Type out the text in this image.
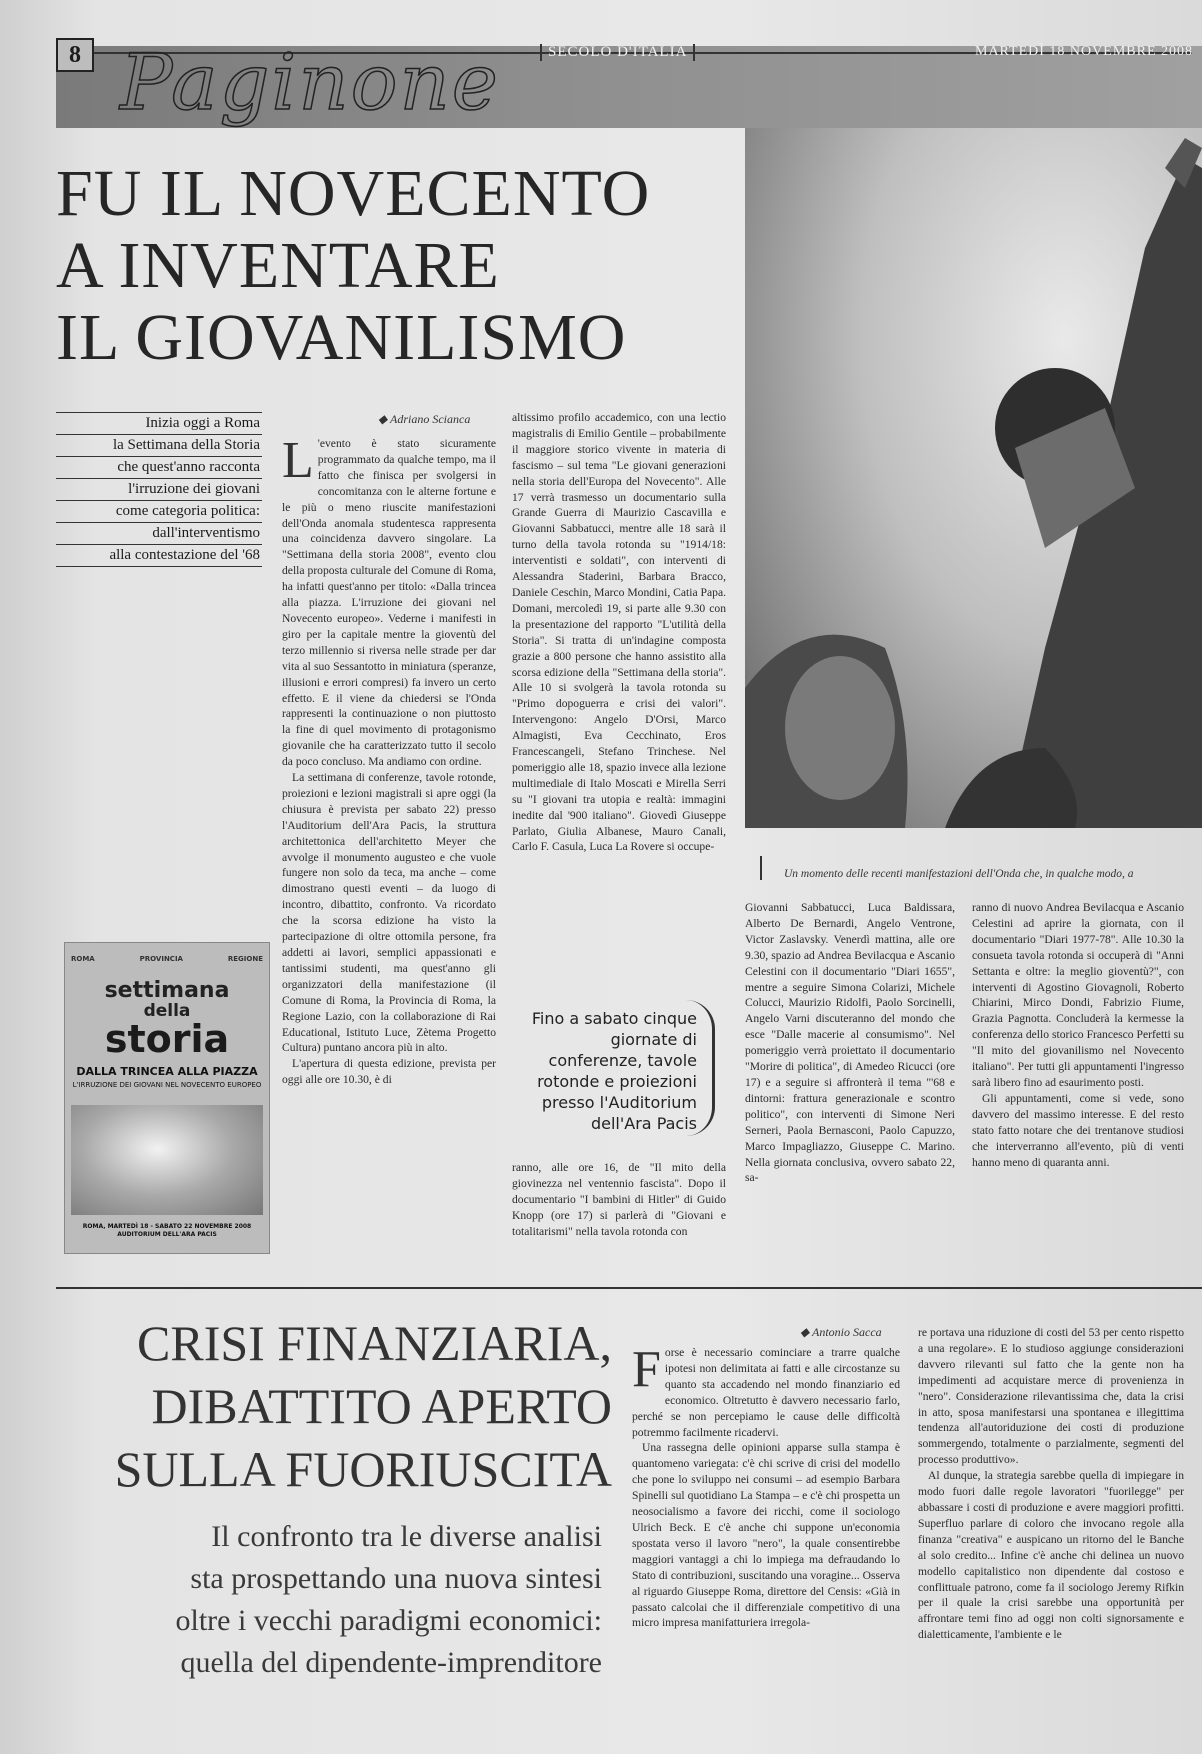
8 Paginone	SECOLO D'ITALIA	MARTEDÌ 18 NOVEMBRE 2008
FU IL NOVECENTO
A INVENTARE
IL GIOVANILISMO
Un momento delle recenti manifestazioni dell'Onda che, in qualche modo, a
Inizia oggi a Roma
la Settimana della Storia
che quest'anno racconta
l'irruzione dei giovani
come categoria politica:
dall'interventismo
alla contestazione del '68
◆ Adriano Scianca
L 'evento è stato sicuramente programmato da qualche tempo, ma il fatto che finisca per svolgersi in concomitanza con le alterne fortune e le più o meno riuscite manifestazioni dell'Onda anomala studentesca rappresenta una coincidenza davvero singolare. La "Settimana della storia 2008", evento clou della proposta culturale del Comune di Roma, ha infatti quest'anno per titolo: «Dalla trincea alla piazza. L'irruzione dei giovani nel Novecento europeo». Vederne i manifesti in giro per la capitale mentre la gioventù del terzo millennio si riversa nelle strade per dar vita al suo Sessantotto in miniatura (speranze, illusioni e errori compresi) fa invero un certo effetto. E il viene da chiedersi se l'Onda rappresenti la continuazione o non piuttosto la fine di quel movimento di protagonismo giovanile che ha caratterizzato tutto il secolo da poco concluso. Ma andiamo con ordine.

La settimana di conferenze, tavole rotonde, proiezioni e lezioni magistrali si apre oggi (la chiusura è prevista per sabato 22) presso l'Auditorium dell'Ara Pacis, la struttura architettonica dell'architetto Meyer che avvolge il monumento augusteo e che vuole fungere non solo da teca, ma anche – come dimostrano questi eventi – da luogo di incontro, dibattito, confronto. Va ricordato che la scorsa edizione ha visto la partecipazione di oltre ottomila persone, fra addetti ai lavori, semplici appassionati e tantissimi studenti, ma quest'anno gli organizzatori della manifestazione (il Comune di Roma, la Provincia di Roma, la Regione Lazio, con la collaborazione di Rai Educational, Istituto Luce, Zètema Progetto Cultura) puntano ancora più in alto.

L'apertura di questa edizione, prevista per oggi alle ore 10.30, è di

altissimo profilo accademico, con una lectio magistralis di Emilio Gentile – probabilmente il maggiore storico vivente in materia di fascismo – sul tema "Le giovani generazioni nella storia dell'Europa del Novecento". Alle 17 verrà trasmesso un documentario sulla Grande Guerra di Maurizio Cascavilla e Giovanni Sabbatucci, mentre alle 18 sarà il turno della tavola rotonda su "1914/18: interventisti e soldati", con interventi di Alessandra Staderini, Barbara Bracco, Daniele Ceschin, Marco Mondini, Catia Papa. Domani, mercoledì 19, si parte alle 9.30 con la presentazione del rapporto "L'utilità della Storia". Si tratta di un'indagine composta grazie a 800 persone che hanno assistito alla scorsa edizione della "Settimana della storia". Alle 10 si svolgerà la tavola rotonda su "Primo dopoguerra e crisi dei valori". Intervengono: Angelo D'Orsi, Marco Almagisti, Eva Cecchinato, Eros Francescangeli, Stefano Trinchese. Nel pomeriggio alle 18, spazio invece alla lezione multimediale di Italo Moscati e Mirella Serri su "I giovani tra utopia e realtà: immagini inedite dal '900 italiano". Giovedì Giuseppe Parlato, Giulia Albanese, Mauro Canali, Carlo F. Casula, Luca La Rovere si occupe-

ranno, alle ore 16, de "Il mito della giovinezza nel ventennio fascista". Dopo il documentario "I bambini di Hitler" di Guido Knopp (ore 17) si parlerà di "Giovani e totalitarismi" nella tavola rotonda con

Fino a sabato cinque giornate di conferenze, tavole rotonde e proiezioni presso l'Auditorium dell'Ara Pacis

Giovanni Sabbatucci, Luca Baldissara, Alberto De Bernardi, Angelo Ventrone, Victor Zaslavsky. Venerdì mattina, alle ore 9.30, spazio ad Andrea Bevilacqua e Ascanio Celestini con il documentario "Diari 1655", mentre a seguire Simona Colarizi, Michele Colucci, Maurizio Ridolfi, Paolo Sorcinelli, Angelo Varni discuteranno del mondo che esce "Dalle macerie al consumismo". Nel pomeriggio verrà proiettato il documentario "Morire di politica", di Amedeo Ricucci (ore 17) e a seguire si affronterà il tema "'68 e dintorni: frattura generazionale e scontro politico", con interventi di Simone Neri Serneri, Paola Bernasconi, Paolo Capuzzo, Marco Impagliazzo, Giuseppe C. Marino. Nella giornata conclusiva, ovvero sabato 22, sa-

ranno di nuovo Andrea Bevilacqua e Ascanio Celestini ad aprire la giornata, con il documentario "Diari 1977-78". Alle 10.30 la consueta tavola rotonda si occuperà di "Anni Settanta e oltre: la meglio gioventù?", con interventi di Agostino Giovagnoli, Roberto Chiarini, Mirco Dondi, Fabrizio Fiume, Grazia Pagnotta. Concluderà la kermesse la conferenza dello storico Francesco Perfetti su "Il mito del giovanilismo nel Novecento italiano". Per tutti gli appuntamenti l'ingresso sarà libero fino ad esaurimento posti.

Gli appuntamenti, come si vede, sono davvero del massimo interesse. E del resto stato fatto notare che dei trentanove studiosi che interverranno all'evento, più di venti hanno meno di quaranta anni.

ROMA	PROVINCIA	REGIONE
settimana
della
storia
DALLA TRINCEA ALLA PIAZZA
L'IRRUZIONE DEI GIOVANI NEL NOVECENTO EUROPEO
ROMA, MARTEDÌ 18 - SABATO 22 NOVEMBRE 2008 AUDITORIUM DELL'ARA PACIS
CRISI FINANZIARIA,
DIBATTITO APERTO
SULLA FUORIUSCITA
Il confronto tra le diverse analisi
sta prospettando una nuova sintesi
oltre i vecchi paradigmi economici:
quella del dipendente-imprenditore
◆ Antonio Sacca
F orse è necessario cominciare a trarre qualche ipotesi non delimitata ai fatti e alle circostanze su quanto sta accadendo nel mondo finanziario ed economico. Oltretutto è davvero necessario farlo, perché se non percepiamo le cause delle difficoltà potremmo facilmente ricadervi.

Una rassegna delle opinioni apparse sulla stampa è quantomeno variegata: c'è chi scrive di crisi del modello che pone lo sviluppo nei consumi – ad esempio Barbara Spinelli sul quotidiano La Stampa – e c'è chi prospetta un neosocialismo a favore dei ricchi, come il sociologo Ulrich Beck. E c'è anche chi suppone un'economia spostata verso il lavoro "nero", la quale consentirebbe maggiori vantaggi a chi lo impiega ma defraudando lo Stato di contribuzioni, suscitando una voragine... Osserva al riguardo Giuseppe Roma, direttore del Censis: «Già in passato calcolai che il differenziale competitivo di una micro impresa manifatturiera irregola-

re portava una riduzione di costi del 53 per cento rispetto a una regolare». E lo studioso aggiunge considerazioni davvero rilevanti sul fatto che la gente non ha impedimenti ad acquistare merce di provenienza in "nero". Considerazione rilevantissima che, data la crisi in atto, sposa manifestarsi una spontanea e illegittima tendenza all'autoriduzione dei costi di produzione sommergendo, totalmente o parzialmente, segmenti del processo produttivo».

Al dunque, la strategia sarebbe quella di impiegare in modo fuori dalle regole lavoratori "fuorilegge" per abbassare i costi di produzione e avere maggiori profitti. Superfluo parlare di coloro che invocano regole alla finanza "creativa" e auspicano un ritorno del le Banche al solo credito... Infine c'è anche chi delinea un nuovo modello capitalistico non dipendente dal costoso e conflittuale patrono, come fa il sociologo Jeremy Rifkin per il quale la crisi sarebbe una opportunità per affrontare temi fino ad oggi non colti signorsamente e dialetticamente, l'ambiente e le
